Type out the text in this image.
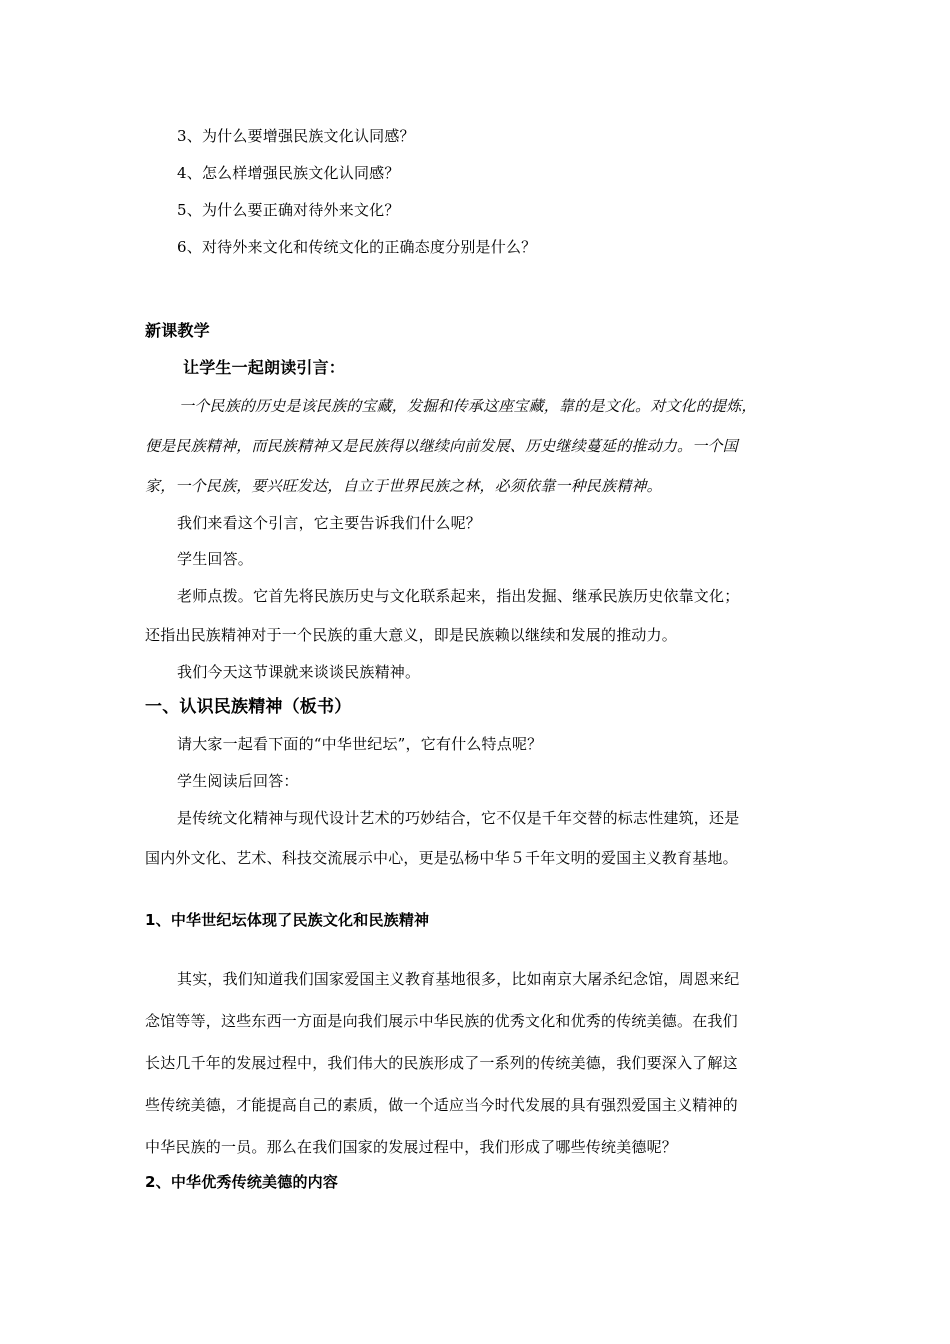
3、为什么要增强民族文化认同感？
4、怎么样增强民族文化认同感？
5、为什么要正确对待外来文化？
6、对待外来文化和传统文化的正确态度分别是什么？
新课教学
让学生一起朗读引言：
一个民族的历史是该民族的宝藏，发掘和传承这座宝藏，靠的是文化。对文化的提炼，
便是民族精神，而民族精神又是民族得以继续向前发展、历史继续蔓延的推动力。一个国
家，一个民族，要兴旺发达，自立于世界民族之林，必须依靠一种民族精神。
我们来看这个引言，它主要告诉我们什么呢？
学生回答。
老师点拨。它首先将民族历史与文化联系起来，指出发掘、继承民族历史依靠文化；
还指出民族精神对于一个民族的重大意义，即是民族赖以继续和发展的推动力。
我们今天这节课就来谈谈民族精神。
一、认识民族精神（板书）
请大家一起看下面的“中华世纪坛”，它有什么特点呢？
学生阅读后回答：
是传统文化精神与现代设计艺术的巧妙结合，它不仅是千年交替的标志性建筑，还是
国内外文化、艺术、科技交流展示中心，更是弘杨中华５千年文明的爱国主义教育基地。
1、中华世纪坛体现了民族文化和民族精神
其实，我们知道我们国家爱国主义教育基地很多，比如南京大屠杀纪念馆，周恩来纪
念馆等等，这些东西一方面是向我们展示中华民族的优秀文化和优秀的传统美德。在我们
长达几千年的发展过程中，我们伟大的民族形成了一系列的传统美德，我们要深入了解这
些传统美德，才能提高自己的素质，做一个适应当今时代发展的具有强烈爱国主义精神的
中华民族的一员。那么在我们国家的发展过程中，我们形成了哪些传统美德呢？
2、中华优秀传统美德的内容
